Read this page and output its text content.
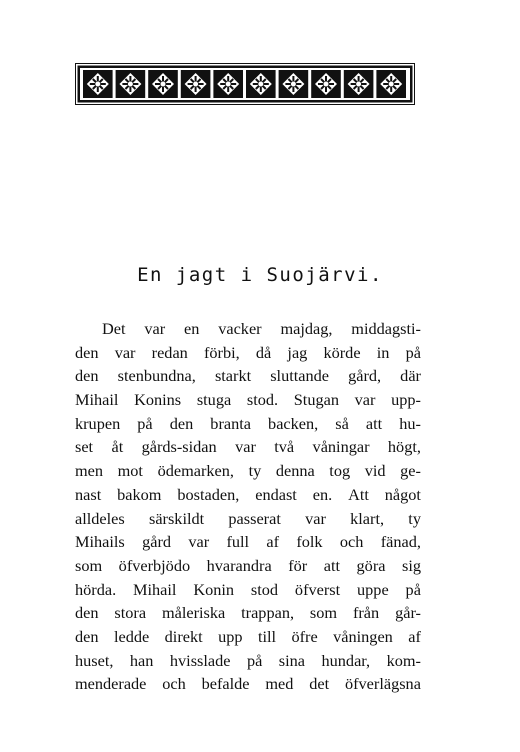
En jagt i Suojärvi.
Det var en vacker majdag, middagsti-
den var redan förbi, då jag körde in på
den stenbundna, starkt sluttande gård, där
Mihail Konins stuga stod. Stugan var upp-
krupen på den branta backen, så att hu-
set åt gårds-sidan var två våningar högt,
men mot ödemarken, ty denna tog vid ge-
nast bakom bostaden, endast en. Att något
alldeles särskildt passerat var klart, ty
Mihails gård var full af folk och fänad,
som öfverbjödo hvarandra för att göra sig
hörda. Mihail Konin stod öfverst uppe på
den stora måleriska trappan, som från går-
den ledde direkt upp till öfre våningen af
huset, han hvisslade på sina hundar, kom-
menderade och befalde med det öfverlägsna
